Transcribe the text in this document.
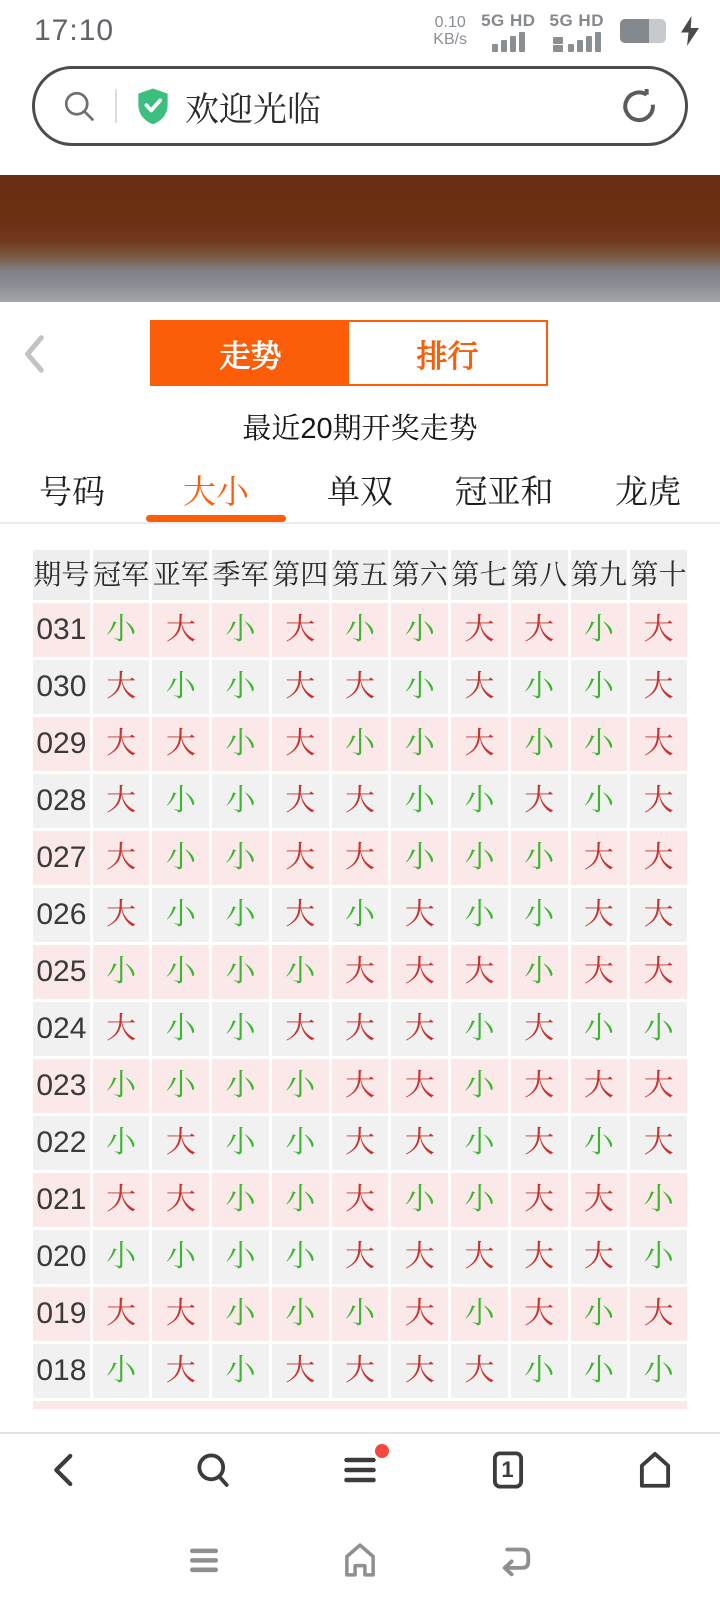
17:10	0.10
KB/s
5G HD 5G HD
欢迎光临
走势	排行
最近20期开奖走势
号码	大小	单双	冠亚和	龙虎
期号 冠军 亚军 季军 第四 第五 第六 第七 第八 第九 第十
031 小 大 小 大 小 小 大 大 小 大
030 大 小 小 大 大 小 大 小 小 大
029 大 大 小 大 小 小 大 小 小 大
028 大 小 小 大 大 小 小 大 小 大
027 大 小 小 大 大 小 小 小 大 大
026 大 小 小 大 小 大 小 小 大 大
025 小 小 小 小 大 大 大 小 大 大
024 大 小 小 大 大 大 小 大 小 小
023 小 小 小 小 大 大 小 大 大 大
022 小 大 小 小 大 大 小 大 小 大
021 大 大 小 小 大 小 小 大 大 小
020 小 小 小 小 大 大 大 大 大 小
019 大 大 小 小 小 大 小 大 小 大
018 小 大 小 大 大 大 大 小 小 小
1
